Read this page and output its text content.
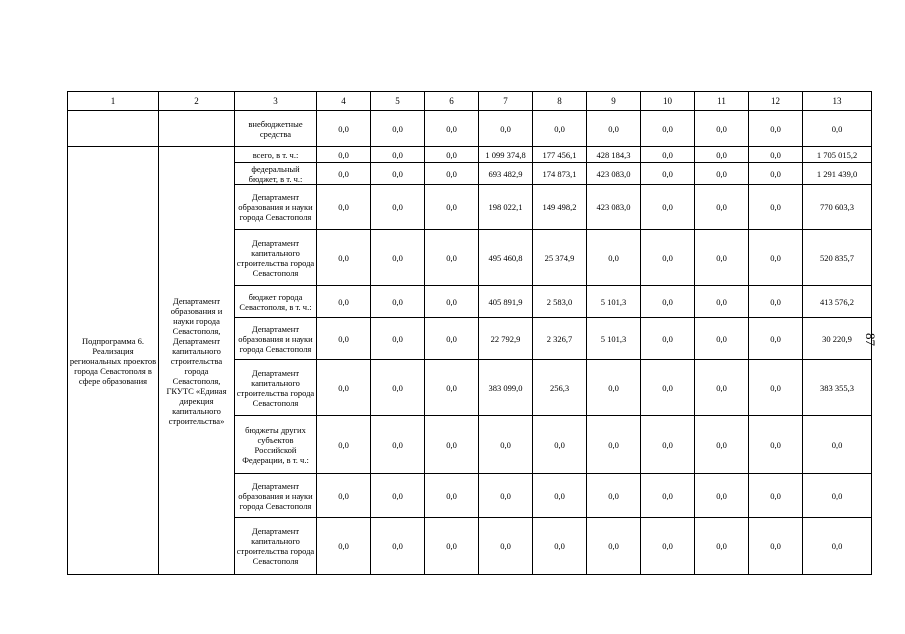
1	2	3	4	5	6	7	8	9	10	11	12	13
		внебюджетные средства	0,0	0,0	0,0	0,0	0,0	0,0	0,0	0,0	0,0	0,0
Подпрограмма 6. Реализация региональных проектов города Севастополя в сфере образования	Департамент образования и науки города Севастополя, Департамент капитального строительства города Севастополя, ГКУТС «Единая дирекция капитального строительства»	всего, в т. ч.:	0,0	0,0	0,0	1 099 374,8	177 456,1	428 184,3	0,0	0,0	0,0	1 705 015,2
		федеральный бюджет, в т. ч.:	0,0	0,0	0,0	693 482,9	174 873,1	423 083,0	0,0	0,0	0,0	1 291 439,0
		Департамент образования и науки города Севастополя	0,0	0,0	0,0	198 022,1	149 498,2	423 083,0	0,0	0,0	0,0	770 603,3
		Департамент капитального строительства города Севастополя	0,0	0,0	0,0	495 460,8	25 374,9	0,0	0,0	0,0	0,0	520 835,7
		бюджет города Севастополя, в т. ч.:	0,0	0,0	0,0	405 891,9	2 583,0	5 101,3	0,0	0,0	0,0	413 576,2
		Департамент образования и науки города Севастополя	0,0	0,0	0,0	22 792,9	2 326,7	5 101,3	0,0	0,0	0,0	30 220,9
		Департамент капитального строительства города Севастополя	0,0	0,0	0,0	383 099,0	256,3	0,0	0,0	0,0	0,0	383 355,3
		бюджеты других субъектов Российской Федерации, в т. ч.:	0,0	0,0	0,0	0,0	0,0	0,0	0,0	0,0	0,0	0,0
		Департамент образования и науки города Севастополя	0,0	0,0	0,0	0,0	0,0	0,0	0,0	0,0	0,0	0,0
		Департамент капитального строительства города Севастополя	0,0	0,0	0,0	0,0	0,0	0,0	0,0	0,0	0,0	0,0
87
